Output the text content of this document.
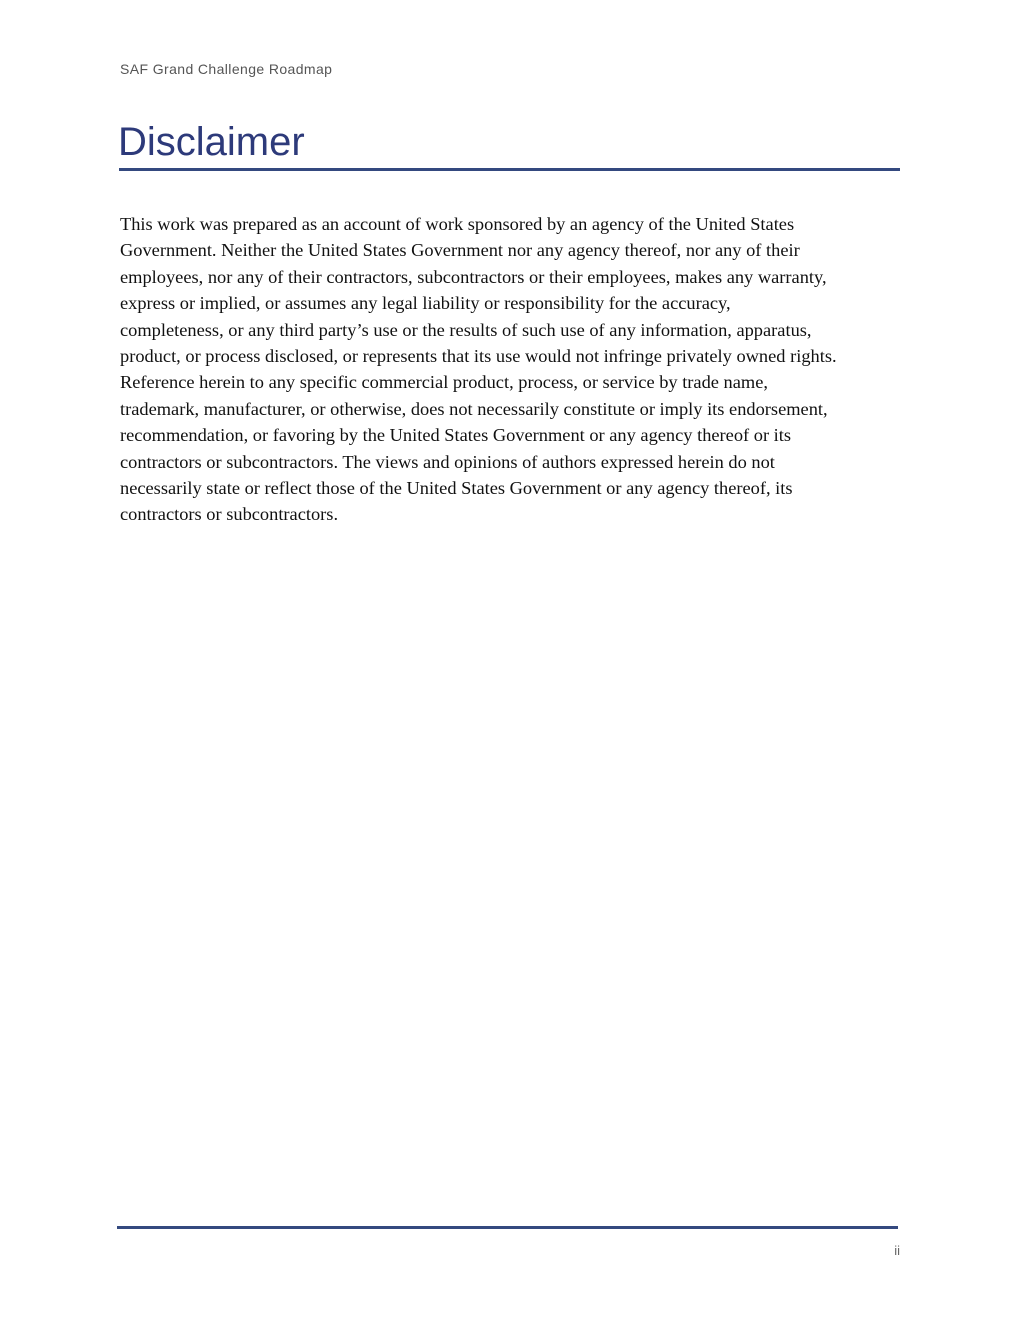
SAF Grand Challenge Roadmap
Disclaimer

This work was prepared as an account of work sponsored by an agency of the United States
Government. Neither the United States Government nor any agency thereof, nor any of their
employees, nor any of their contractors, subcontractors or their employees, makes any warranty,
express or implied, or assumes any legal liability or responsibility for the accuracy,
completeness, or any third party’s use or the results of such use of any information, apparatus,
product, or process disclosed, or represents that its use would not infringe privately owned rights.
Reference herein to any specific commercial product, process, or service by trade name,
trademark, manufacturer, or otherwise, does not necessarily constitute or imply its endorsement,
recommendation, or favoring by the United States Government or any agency thereof or its
contractors or subcontractors. The views and opinions of authors expressed herein do not
necessarily state or reflect those of the United States Government or any agency thereof, its
contractors or subcontractors.

ii
